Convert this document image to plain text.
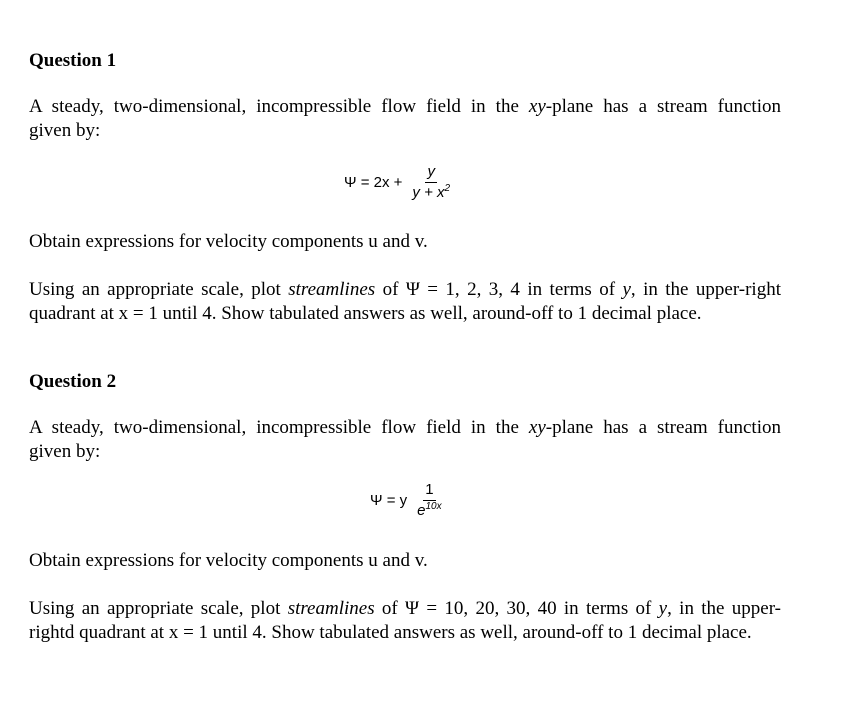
Question 1

A steady, two-dimensional, incompressible flow field in the xy-plane has a stream function
given by:

$\Psi = 2x + \frac{y}{y + x^2}$

Obtain expressions for velocity components u and v.

Using an appropriate scale, plot streamlines of Ψ = 1, 2, 3, 4 in terms of y, in the upper-right
quadrant at x = 1 until 4. Show tabulated answers as well, around-off to 1 decimal place.

Question 2

A steady, two-dimensional, incompressible flow field in the xy-plane has a stream function
given by:

Ψ = y $\frac{1}{e^{10x}}$

Obtain expressions for velocity components u and v.

Using an appropriate scale, plot streamlines of Ψ = 10, 20, 30, 40 in terms of y, in the upper-
rightd quadrant at x = 1 until 4. Show tabulated answers as well, around-off to 1 decimal place.
